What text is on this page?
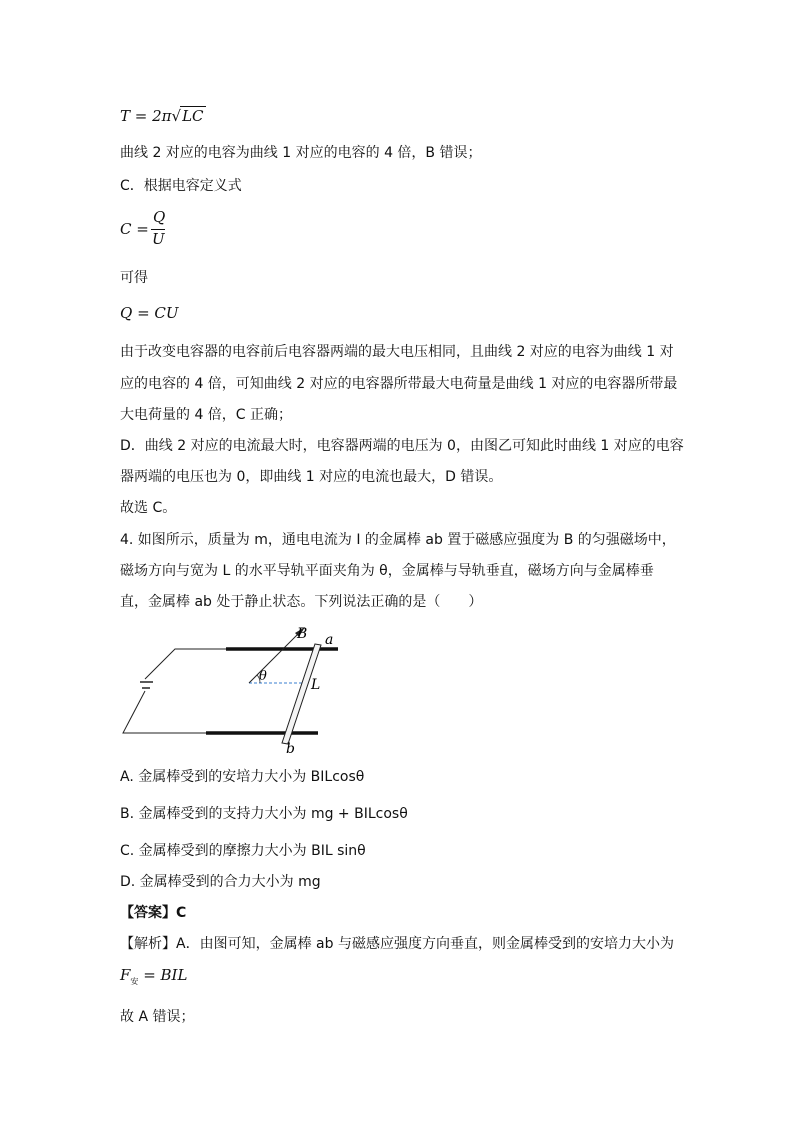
T = 2π√LC
曲线 2 对应的电容为曲线 1 对应的电容的 4 倍，B 错误；
C．根据电容定义式
C =
Q
U
可得
Q = CU
由于改变电容器的电容前后电容器两端的最大电压相同，且曲线 2 对应的电容为曲线 1 对
应的电容的 4 倍，可知曲线 2 对应的电容器所带最大电荷量是曲线 1 对应的电容器所带最
大电荷量的 4 倍，C 正确；
D．曲线 2 对应的电流最大时，电容器两端的电压为 0，由图乙可知此时曲线 1 对应的电容
器两端的电压也为 0，即曲线 1 对应的电流也最大，D 错误。
故选 C。
4. 如图所示，质量为 m，通电电流为 I 的金属棒 ab 置于磁感应强度为 B 的匀强磁场中，
磁场方向与宽为 L 的水平导轨平面夹角为 θ，金属棒与导轨垂直，磁场方向与金属棒垂
直，金属棒 ab 处于静止状态。下列说法正确的是（　　）
B a
θ
L
b
A. 金属棒受到的安培力大小为 BILcosθ
B. 金属棒受到的支持力大小为 mg + BILcosθ
C. 金属棒受到的摩擦力大小为 BIL sinθ
D. 金属棒受到的合力大小为 mg
【答案】C
【解析】A．由图可知，金属棒 ab 与磁感应强度方向垂直，则金属棒受到的安培力大小为
$F_安$ = BIL
故 A 错误；
